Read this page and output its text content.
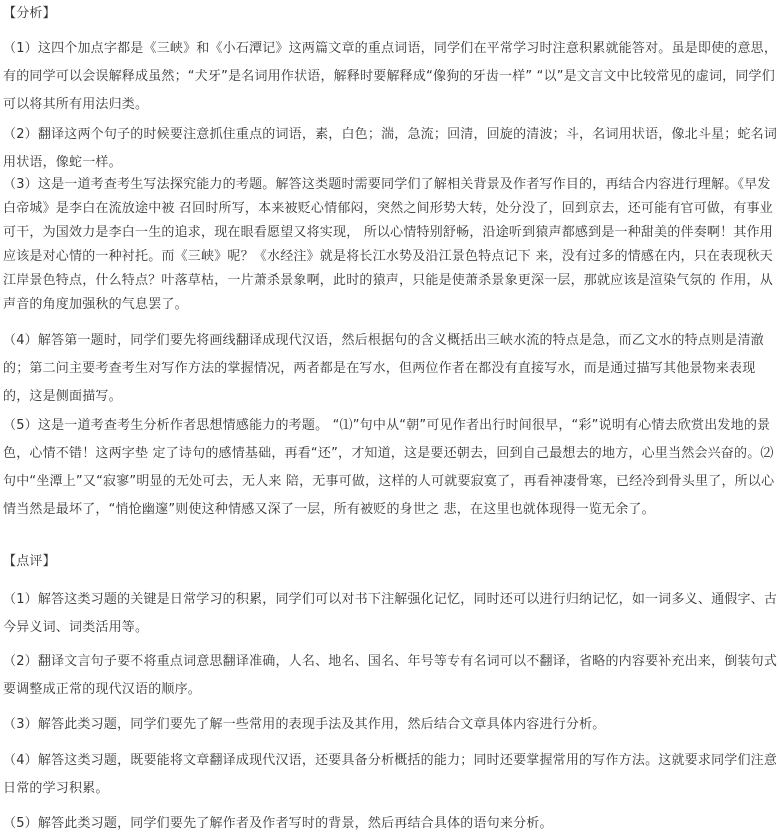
【分析】

（1）这四个加点字都是《三峡》和《小石潭记》这两篇文章的重点词语，同学们在平常学习时注意积累就能答对。虽是即使的意思，有的同学可以会误解释成虽然；“犬牙”是名词用作状语，解释时要解释成“像狗的牙齿一样” “以”是文言文中比较常见的虚词，同学们可以将其所有用法归类。

（2）翻译这两个句子的时候要注意抓住重点的词语，素，白色；湍，急流；回清，回旋的清波；斗，名词用状语，像北斗星；蛇名词用状语，像蛇一样。

（3）这是一道考查考生写法探究能力的考题。解答这类题时需要同学们了解相关背景及作者写作目的，再结合内容进行理解。《早发白帝城》是李白在流放途中被 召回时所写，本来被贬心情郁闷，突然之间形势大转，处分没了，回到京去，还可能有官可做，有事业可干，为国效力是李白一生的追求，现在眼看愿望又将实现， 所以心情特别舒畅，沿途听到猿声都感到是一种甜美的伴奏啊！其作用应该是对心情的一种衬托。而《三峡》呢？《水经注》就是将长江水势及沿江景色特点记下 来，没有过多的情感在内，只在表现秋天江岸景色特点，什么特点？叶落草枯，一片萧杀景象啊，此时的猿声，只能是使萧杀景象更深一层，那就应该是渲染气氛的 作用，从声音的角度加强秋的气息罢了。

（4）解答第一题时，同学们要先将画线翻译成现代汉语，然后根据句的含义概括出三峡水流的特点是急，而乙文水的特点则是清澈的；第二问主要考查考生对写作方法的掌握情况，两者都是在写水，但两位作者在都没有直接写水，而是通过描写其他景物来表现的，这是侧面描写。

（5）这是一道考查考生分析作者思想情感能力的考题。 “⑴”句中从“朝”可见作者出行时间很早，“彩”说明有心情去欣赏出发地的景色，心情不错！这两字垫 定了诗句的感情基础，再看“还”，才知道，这是要还朝去，回到自己最想去的地方，心里当然会兴奋的。⑵句中“坐潭上”又“寂寥”明显的无处可去，无人来 陪，无事可做，这样的人可就要寂寞了，再看神凄骨寒，已经冷到骨头里了，所以心情当然是最坏了，“悄怆幽邃”则使这种情感又深了一层，所有被贬的身世之 悲，在这里也就体现得一览无余了。

【点评】

（1）解答这类习题的关键是日常学习的积累，同学们可以对书下注解强化记忆，同时还可以进行归纳记忆，如一词多义、通假字、古今异义词、词类活用等。

（2）翻译文言句子要不将重点词意思翻译准确，人名、地名、国名、年号等专有名词可以不翻译，省略的内容要补充出来，倒装句式要调整成正常的现代汉语的顺序。

（3）解答此类习题，同学们要先了解一些常用的表现手法及其作用，然后结合文章具体内容进行分析。

（4）解答这类习题，既要能将文章翻译成现代汉语，还要具备分析概括的能力；同时还要掌握常用的写作方法。这就要求同学们注意日常的学习积累。

（5）解答此类习题，同学们要先了解作者及作者写时的背景，然后再结合具体的语句来分析。
